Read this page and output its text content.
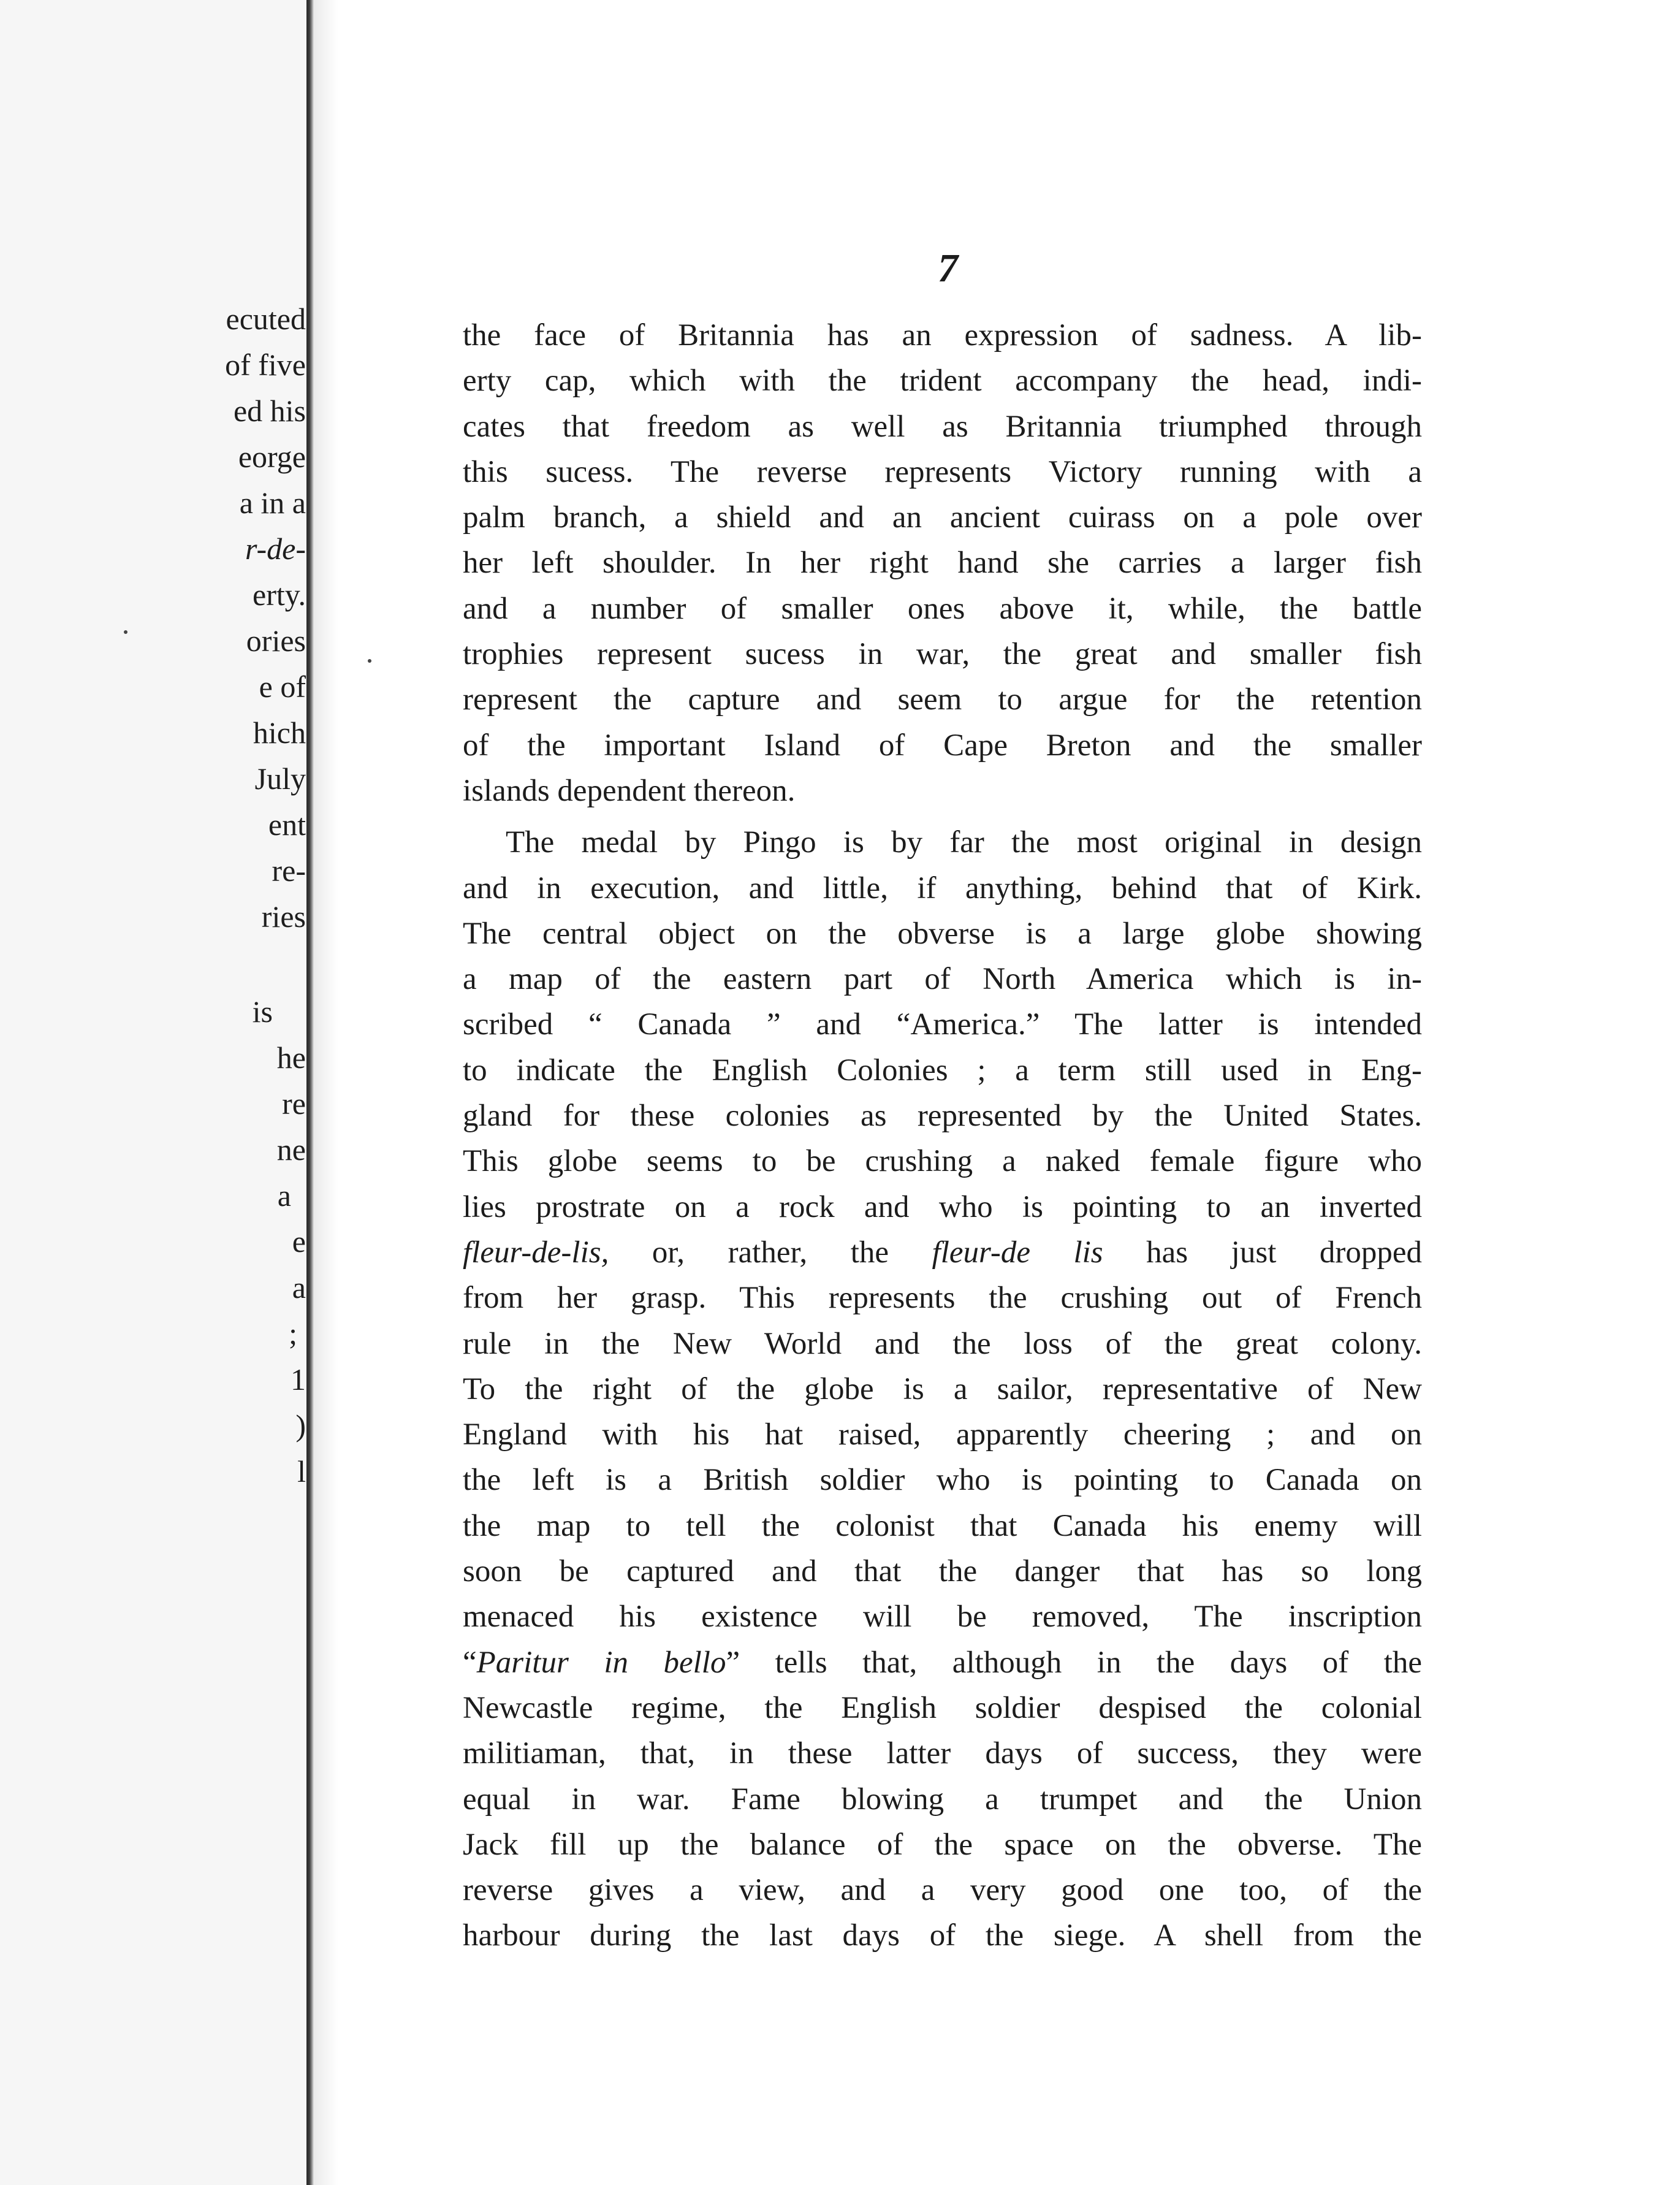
ecuted
of five
ed his
eorge
a in a
r-de-
erty.
ories
e of
hich
July
ent
re-
ries
is
he
re
ne
a
e
a
;
1
)
l
7
the face of Britannia has an expression of sadness. A lib-
erty cap, which with the trident accompany the head, indi-
cates that freedom as well as Britannia triumphed through
this sucess. The reverse represents Victory running with a
palm branch, a shield and an ancient cuirass on a pole over
her left shoulder. In her right hand she carries a larger fish
and a number of smaller ones above it, while, the battle
trophies represent sucess in war, the great and smaller fish
represent the capture and seem to argue for the retention
of the important Island of Cape Breton and the smaller
islands dependent thereon.
The medal by Pingo is by far the most original in design
and in execution, and little, if anything, behind that of Kirk.
The central object on the obverse is a large globe showing
a map of the eastern part of North America which is in-
scribed “ Canada ” and “America.” The latter is intended
to indicate the English Colonies ; a term still used in Eng-
gland for these colonies as represented by the United States.
This globe seems to be crushing a naked female figure who
lies prostrate on a rock and who is pointing to an inverted
fleur-de-lis, or, rather, the fleur-de lis has just dropped
from her grasp. This represents the crushing out of French
rule in the New World and the loss of the great colony.
To the right of the globe is a sailor, representative of New
England with his hat raised, apparently cheering ; and on
the left is a British soldier who is pointing to Canada on
the map to tell the colonist that Canada his enemy will
soon be captured and that the danger that has so long
menaced his existence will be removed, The inscription
“Paritur in bello” tells that, although in the days of the
Newcastle regime, the English soldier despised the colonial
militiaman, that, in these latter days of success, they were
equal in war. Fame blowing a trumpet and the Union
Jack fill up the balance of the space on the obverse. The
reverse gives a view, and a very good one too, of the
harbour during the last days of the siege. A shell from the
